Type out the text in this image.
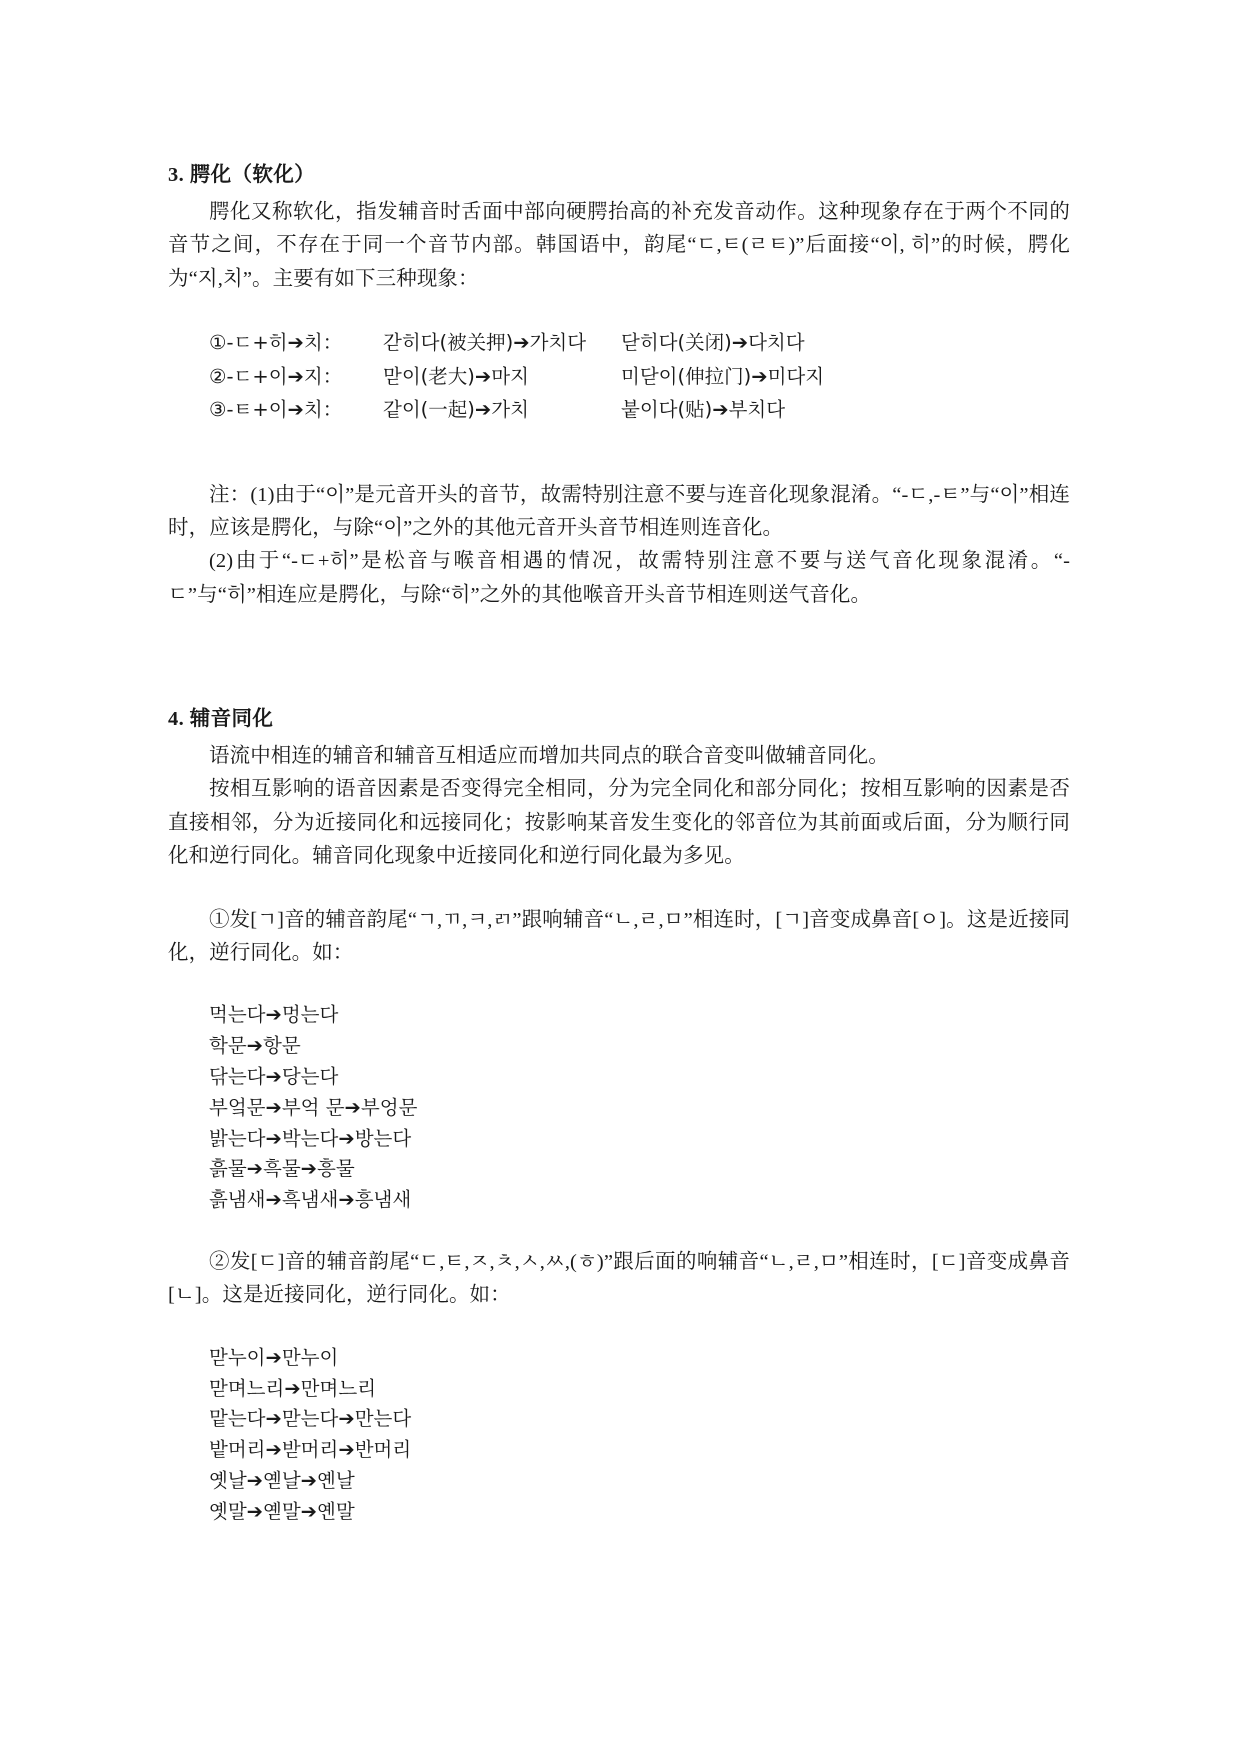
3. 腭化（软化）

腭化又称软化，指发辅音时舌面中部向硬腭抬高的补充发音动作。这种现象存在于两个不同的音节之间，不存在于同一个音节内部。韩国语中，韵尾“ㄷ,ㅌ(ㄹㅌ)”后面接“이, 히”的时候，腭化为“지,치”。主要有如下三种现象：

①-ㄷ+히➔치：	갇히다(被关押)➔가치다	닫히다(关闭)➔다치다
②-ㄷ+이➔지：	맏이(老大)➔마지	미닫이(伸拉门)➔미다지
③-ㅌ+이➔치：	같이(一起)➔가치	붙이다(贴)➔부치다

注：(1)由于“이”是元音开头的音节，故需特别注意不要与连音化现象混淆。“-ㄷ,-ㅌ”与“이”相连时，应该是腭化，与除“이”之外的其他元音开头音节相连则连音化。

(2)由于“-ㄷ+히”是松音与喉音相遇的情况，故需特别注意不要与送气音化现象混淆。“-ㄷ”与“히”相连应是腭化，与除“히”之外的其他喉音开头音节相连则送气音化。

4. 辅音同化

语流中相连的辅音和辅音互相适应而增加共同点的联合音变叫做辅音同化。

按相互影响的语音因素是否变得完全相同，分为完全同化和部分同化；按相互影响的因素是否直接相邻，分为近接同化和远接同化；按影响某音发生变化的邻音位为其前面或后面，分为顺行同化和逆行同化。辅音同化现象中近接同化和逆行同化最为多见。

①发[ㄱ]音的辅音韵尾“ㄱ,ㄲ,ㅋ,ㄺ”跟响辅音“ㄴ,ㄹ,ㅁ”相连时，[ㄱ]音变成鼻音[ㅇ]。这是近接同化，逆行同化。如：

먹는다➔멍는다
학문➔항문
닦는다➔당는다
부엌문➔부억 문➔부엉문
밝는다➔박는다➔방는다
흙물➔흑물➔흥물
흙냄새➔흑냄새➔흥냄새

②发[ㄷ]音的辅音韵尾“ㄷ,ㅌ,ㅈ,ㅊ,ㅅ,ㅆ,(ㅎ)”跟后面的响辅音“ㄴ,ㄹ,ㅁ”相连时，[ㄷ]音变成鼻音[ㄴ]。这是近接同化，逆行同化。如：

맏누이➔만누이
맏며느리➔만며느리
맡는다➔맏는다➔만는다
밭머리➔받머리➔반머리
옛날➔옏날➔옌날
옛말➔옏말➔옌말
